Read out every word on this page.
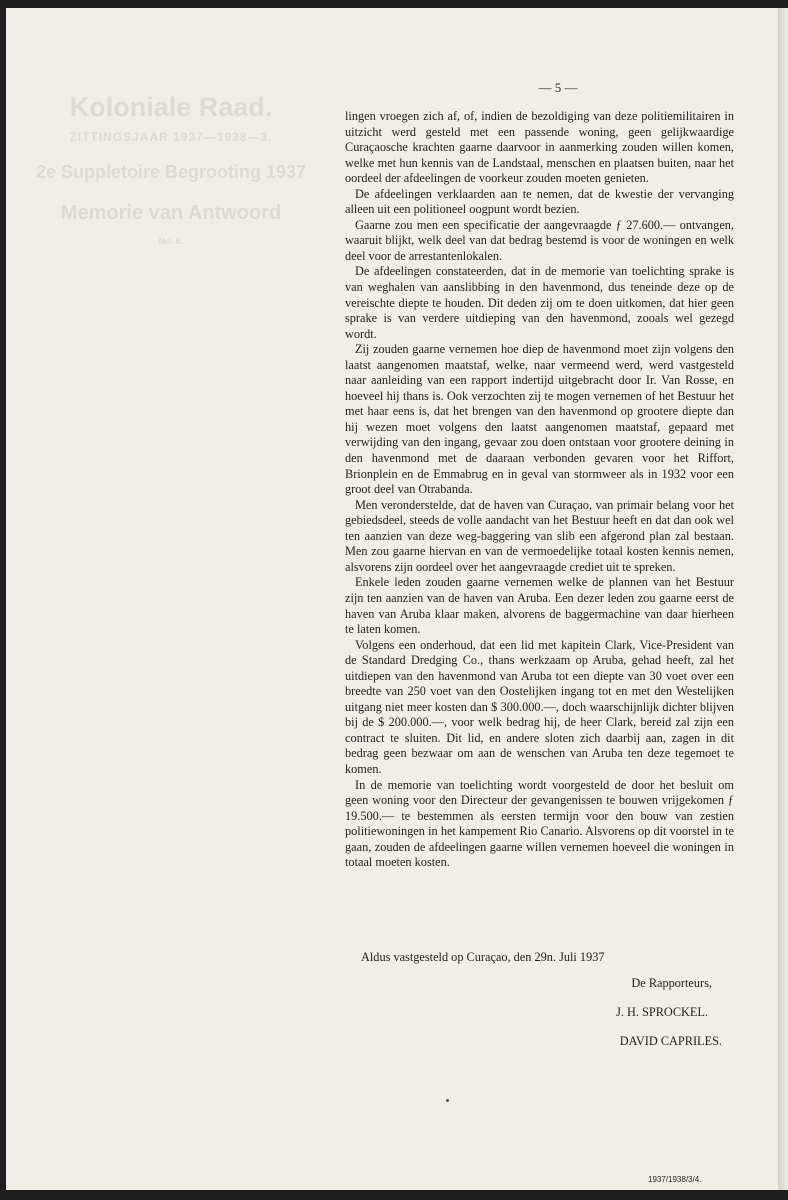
Koloniale Raad.
ZITTINGSJAAR 1937—1938—3.
2e Suppletoire Begrooting 1937
Memorie van Antwoord
No. 6.
— 5 —

lingen vroegen zich af, of, indien de bezoldiging van deze politiemilitairen in uitzicht werd gesteld met een passende woning, geen gelijkwaardige Curaçaosche krachten gaarne daarvoor in aanmerking zouden willen komen, welke met hun kennis van de Landstaal, menschen en plaatsen buiten, naar het oordeel der afdeelingen de voorkeur zouden moeten genieten.

De afdeelingen verklaarden aan te nemen, dat de kwestie der vervanging alleen uit een politioneel oogpunt wordt bezien.

Gaarne zou men een specificatie der aangevraagde ƒ 27.600.— ontvangen, waaruit blijkt, welk deel van dat bedrag bestemd is voor de woningen en welk deel voor de arrestantenlokalen.

De afdeelingen constateerden, dat in de memorie van toelichting sprake is van weghalen van aanslibbing in den havenmond, dus teneinde deze op de vereischte diepte te houden. Dit deden zij om te doen uitkomen, dat hier geen sprake is van verdere uitdieping van den havenmond, zooals wel gezegd wordt.

Zij zouden gaarne vernemen hoe diep de havenmond moet zijn volgens den laatst aangenomen maatstaf, welke, naar vermeend werd, werd vastgesteld naar aanleiding van een rapport indertijd uitgebracht door Ir. Van Rosse, en hoeveel hij thans is. Ook verzochten zij te mogen vernemen of het Bestuur het met haar eens is, dat het brengen van den havenmond op grootere diepte dan hij wezen moet volgens den laatst aangenomen maatstaf, gepaard met verwijding van den ingang, gevaar zou doen ontstaan voor grootere deining in den havenmond met de daaraan verbonden gevaren voor het Riffort, Brionplein en de Emmabrug en in geval van stormweer als in 1932 voor een groot deel van Otrabanda.

Men veronderstelde, dat de haven van Curaçao, van primair belang voor het gebiedsdeel, steeds de volle aandacht van het Bestuur heeft en dat dan ook wel ten aanzien van deze weg-baggering van slib een afgerond plan zal bestaan. Men zou gaarne hiervan en van de vermoedelijke totaal kosten kennis nemen, alsvorens zijn oordeel over het aangevraagde crediet uit te spreken.

Enkele leden zouden gaarne vernemen welke de plannen van het Bestuur zijn ten aanzien van de haven van Aruba. Een dezer leden zou gaarne eerst de haven van Aruba klaar maken, alvorens de baggermachine van daar hierheen te laten komen.

Volgens een onderhoud, dat een lid met kapitein Clark, Vice-President van de Standard Dredging Co., thans werkzaam op Aruba, gehad heeft, zal het uitdiepen van den havenmond van Aruba tot een diepte van 30 voet over een breedte van 250 voet van den Oostelijken ingang tot en met den Westelijken uitgang niet meer kosten dan $ 300.000.—, doch waarschijnlijk dichter blijven bij de $ 200.000.—, voor welk bedrag hij, de heer Clark, bereid zal zijn een contract te sluiten. Dit lid, en andere sloten zich daarbij aan, zagen in dit bedrag geen bezwaar om aan de wenschen van Aruba ten deze tegemoet te komen.

In de memorie van toelichting wordt voorgesteld de door het besluit om geen woning voor den Directeur der gevangenissen te bouwen vrijgekomen ƒ 19.500.— te bestemmen als eersten termijn voor den bouw van zestien politiewoningen in het kampement Rio Canario. Alsvorens op dit voorstel in te gaan, zouden de afdeelingen gaarne willen vernemen hoeveel die woningen in totaal moeten kosten.

Aldus vastgesteld op Curaçao, den 29n. Juli 1937
De Rapporteurs,
J. H. SPROCKEL.
DAVID CAPRILES.
1937/1938/3/4.
